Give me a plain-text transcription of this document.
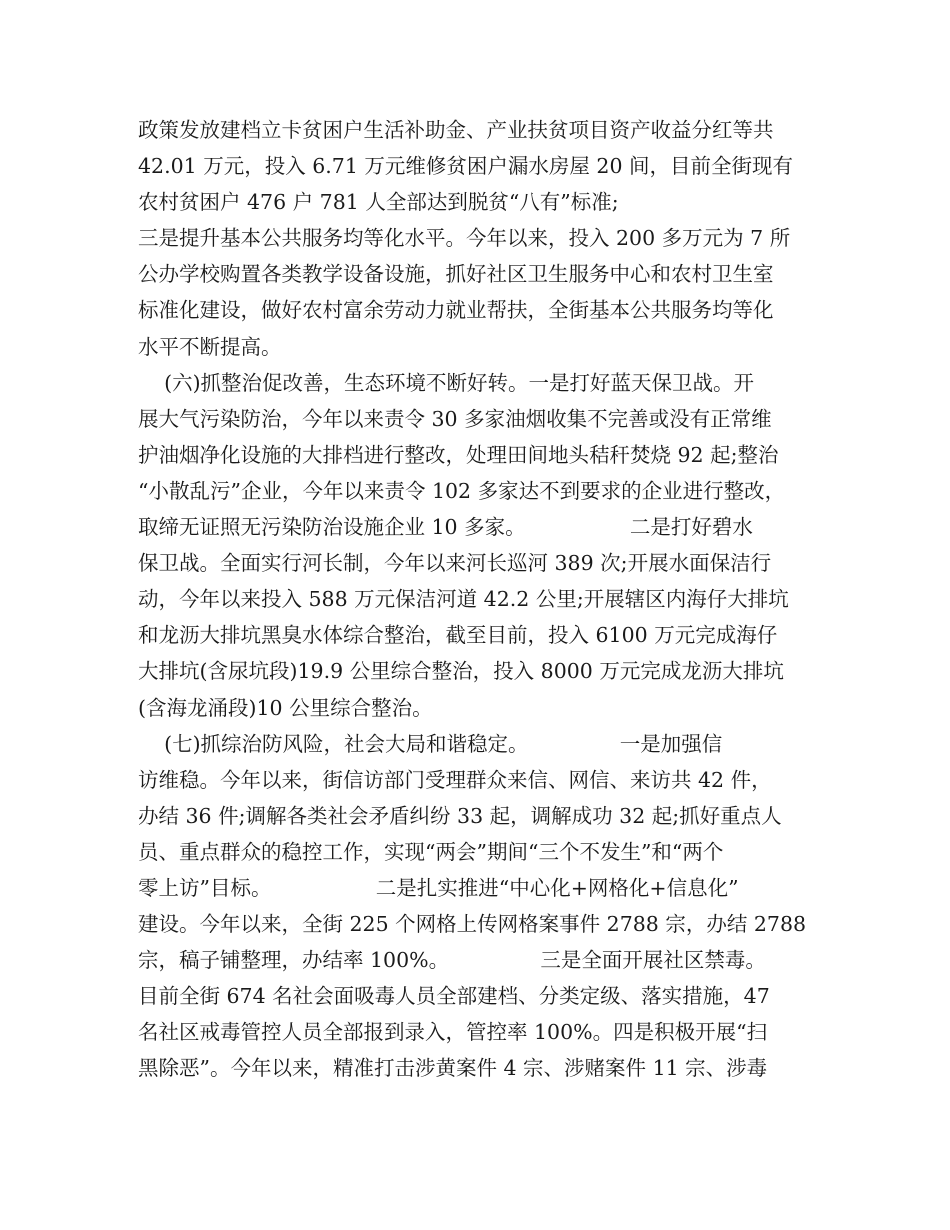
政策发放建档立卡贫困户生活补助金、产业扶贫项目资产收益分红等共
42.01 万元，投入 6.71 万元维修贫困户漏水房屋 20 间，目前全街现有
农村贫困户 476 户 781 人全部达到脱贫“八有”标准;
三是提升基本公共服务均等化水平。今年以来，投入 200 多万元为 7 所
公办学校购置各类教学设备设施，抓好社区卫生服务中心和农村卫生室
标准化建设，做好农村富余劳动力就业帮扶，全街基本公共服务均等化
水平不断提高。
(六)抓整治促改善，生态环境不断好转。一是打好蓝天保卫战。开
展大气污染防治，今年以来责令 30 多家油烟收集不完善或没有正常维
护油烟净化设施的大排档进行整改，处理田间地头秸秆焚烧 92 起;整治
“小散乱污”企业，今年以来责令 102 多家达不到要求的企业进行整改，
取缔无证照无污染防治设施企业 10 多家。                二是打好碧水
保卫战。全面实行河长制，今年以来河长巡河 389 次;开展水面保洁行
动，今年以来投入 588 万元保洁河道 42.2 公里;开展辖区内海仔大排坑
和龙沥大排坑黑臭水体综合整治，截至目前，投入 6100 万元完成海仔
大排坑(含尿坑段)19.9 公里综合整治，投入 8000 万元完成龙沥大排坑
(含海龙涌段)10 公里综合整治。
(七)抓综治防风险，社会大局和谐稳定。              一是加强信
访维稳。今年以来，街信访部门受理群众来信、网信、来访共 42 件，
办结 36 件;调解各类社会矛盾纠纷 33 起，调解成功 32 起;抓好重点人
员、重点群众的稳控工作，实现“两会”期间“三个不发生”和“两个
零上访”目标。                二是扎实推进“中心化+网格化+信息化”
建设。今年以来，全街 225 个网格上传网格案事件 2788 宗，办结 2788
宗，稿子铺整理，办结率 100%。              三是全面开展社区禁毒。
目前全街 674 名社会面吸毒人员全部建档、分类定级、落实措施，47
名社区戒毒管控人员全部报到录入，管控率 100%。四是积极开展“扫
黑除恶”。今年以来，精准打击涉黄案件 4 宗、涉赌案件 11 宗、涉毒
